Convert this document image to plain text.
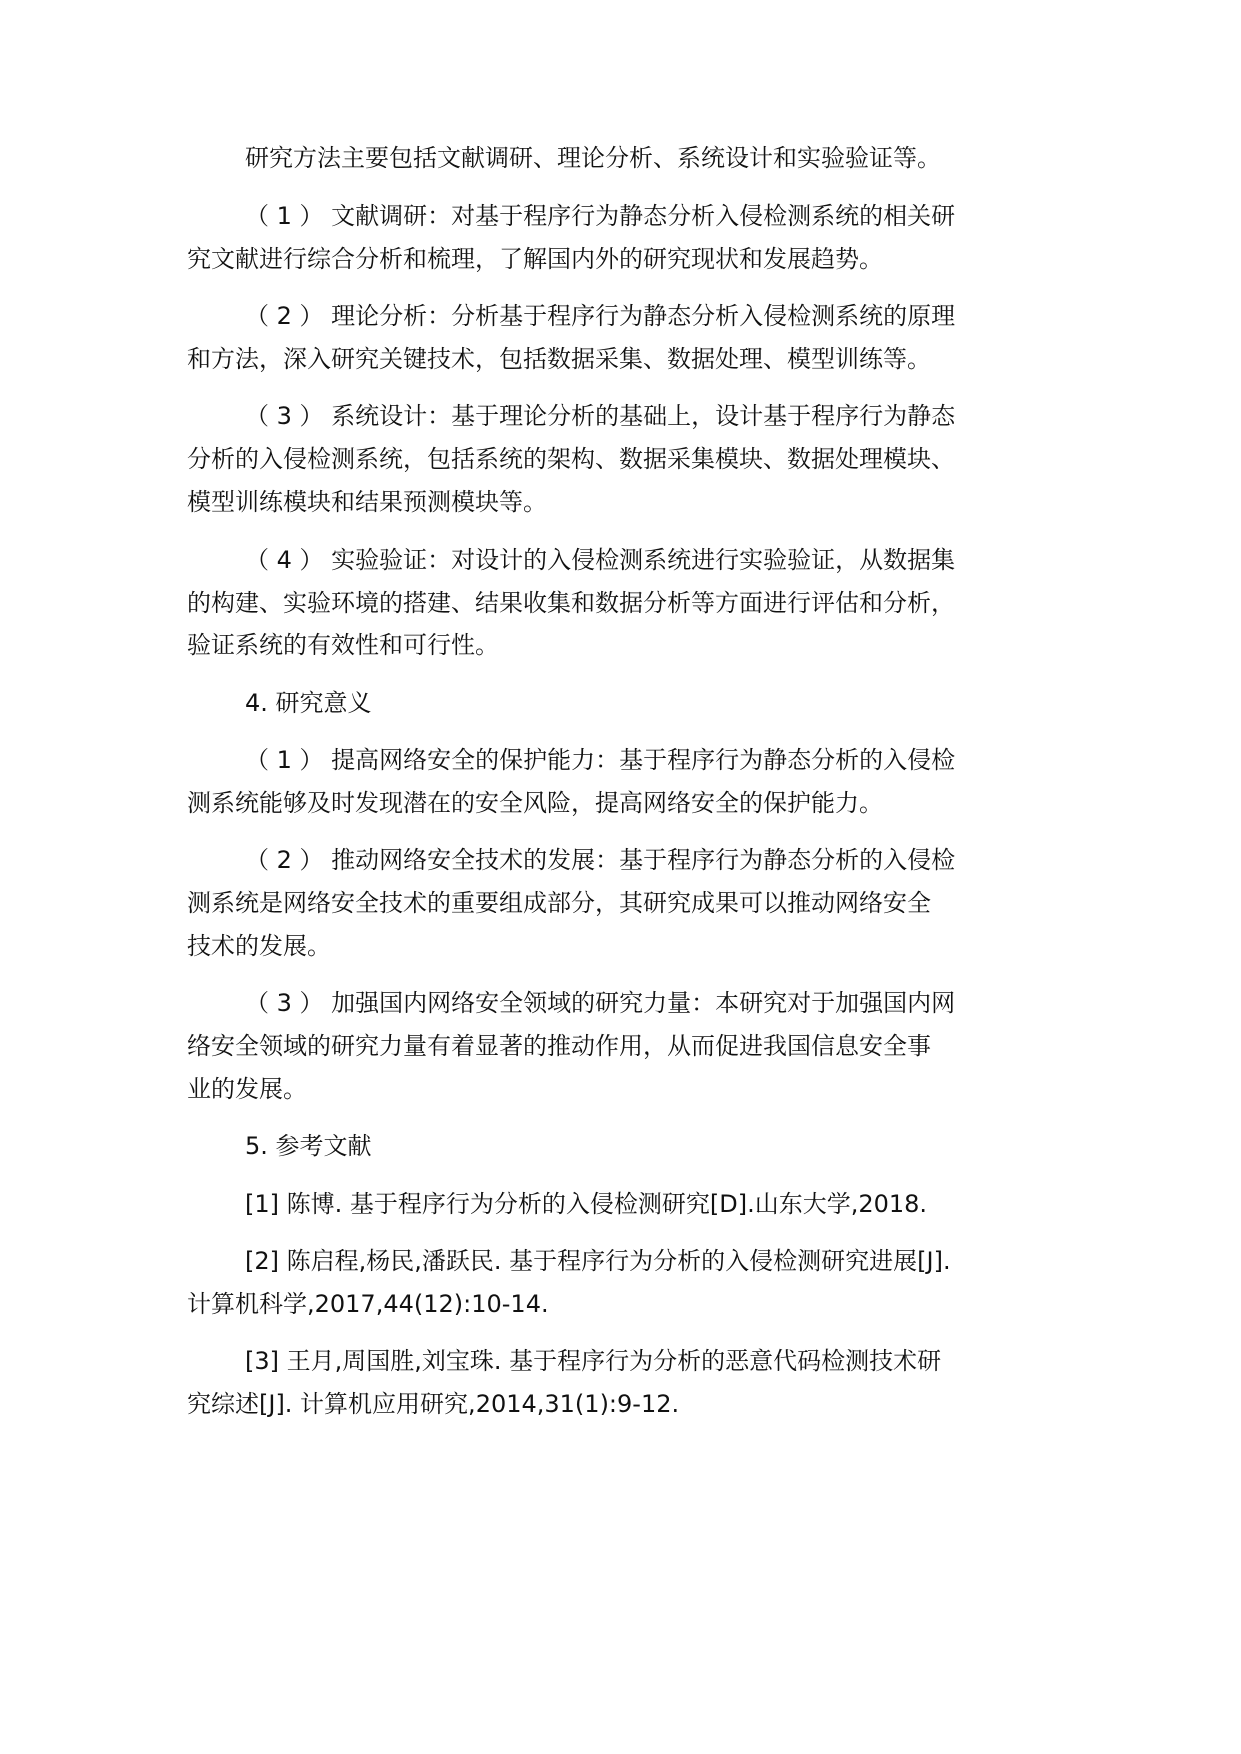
研究方法主要包括文献调研、理论分析、系统设计和实验验证等。
（ 1 ） 文献调研：对基于程序行为静态分析入侵检测系统的相关研
究文献进行综合分析和梳理，了解国内外的研究现状和发展趋势。
（ 2 ） 理论分析：分析基于程序行为静态分析入侵检测系统的原理
和方法，深入研究关键技术，包括数据采集、数据处理、模型训练等。
（ 3 ） 系统设计：基于理论分析的基础上，设计基于程序行为静态
分析的入侵检测系统，包括系统的架构、数据采集模块、数据处理模块、
模型训练模块和结果预测模块等。
（ 4 ） 实验验证：对设计的入侵检测系统进行实验验证，从数据集
的构建、实验环境的搭建、结果收集和数据分析等方面进行评估和分析，
验证系统的有效性和可行性。
4. 研究意义
（ 1 ） 提高网络安全的保护能力：基于程序行为静态分析的入侵检
测系统能够及时发现潜在的安全风险，提高网络安全的保护能力。
（ 2 ） 推动网络安全技术的发展：基于程序行为静态分析的入侵检
测系统是网络安全技术的重要组成部分，其研究成果可以推动网络安全
技术的发展。
（ 3 ） 加强国内网络安全领域的研究力量：本研究对于加强国内网
络安全领域的研究力量有着显著的推动作用，从而促进我国信息安全事
业的发展。
5. 参考文献
[1] 陈博. 基于程序行为分析的入侵检测研究[D].山东大学,2018.
[2] 陈启程,杨民,潘跃民. 基于程序行为分析的入侵检测研究进展[J].
计算机科学,2017,44(12):10-14.
[3] 王月,周国胜,刘宝珠. 基于程序行为分析的恶意代码检测技术研
究综述[J]. 计算机应用研究,2014,31(1):9-12.
